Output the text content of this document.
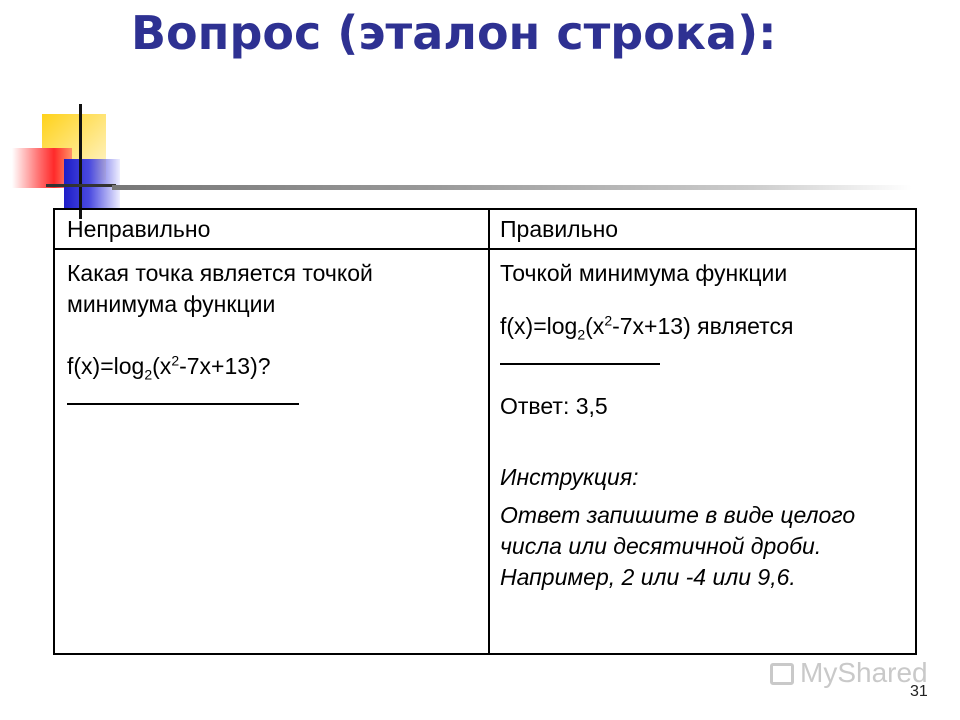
Вопрос (эталон строка):
Неправильно	Правильно

Какая точка является точкой

минимума функции

$f(x)=\log_2(x^2-7x+13)$?

Точкой минимума функции

$f(x)=\log_2(x^2-7x+13)$ является

Ответ: 3,5

Инструкция:

Ответ запишите в виде целого

числа или десятичной дроби.

Например, 2 или -4 или 9,6.

MyShared
31
